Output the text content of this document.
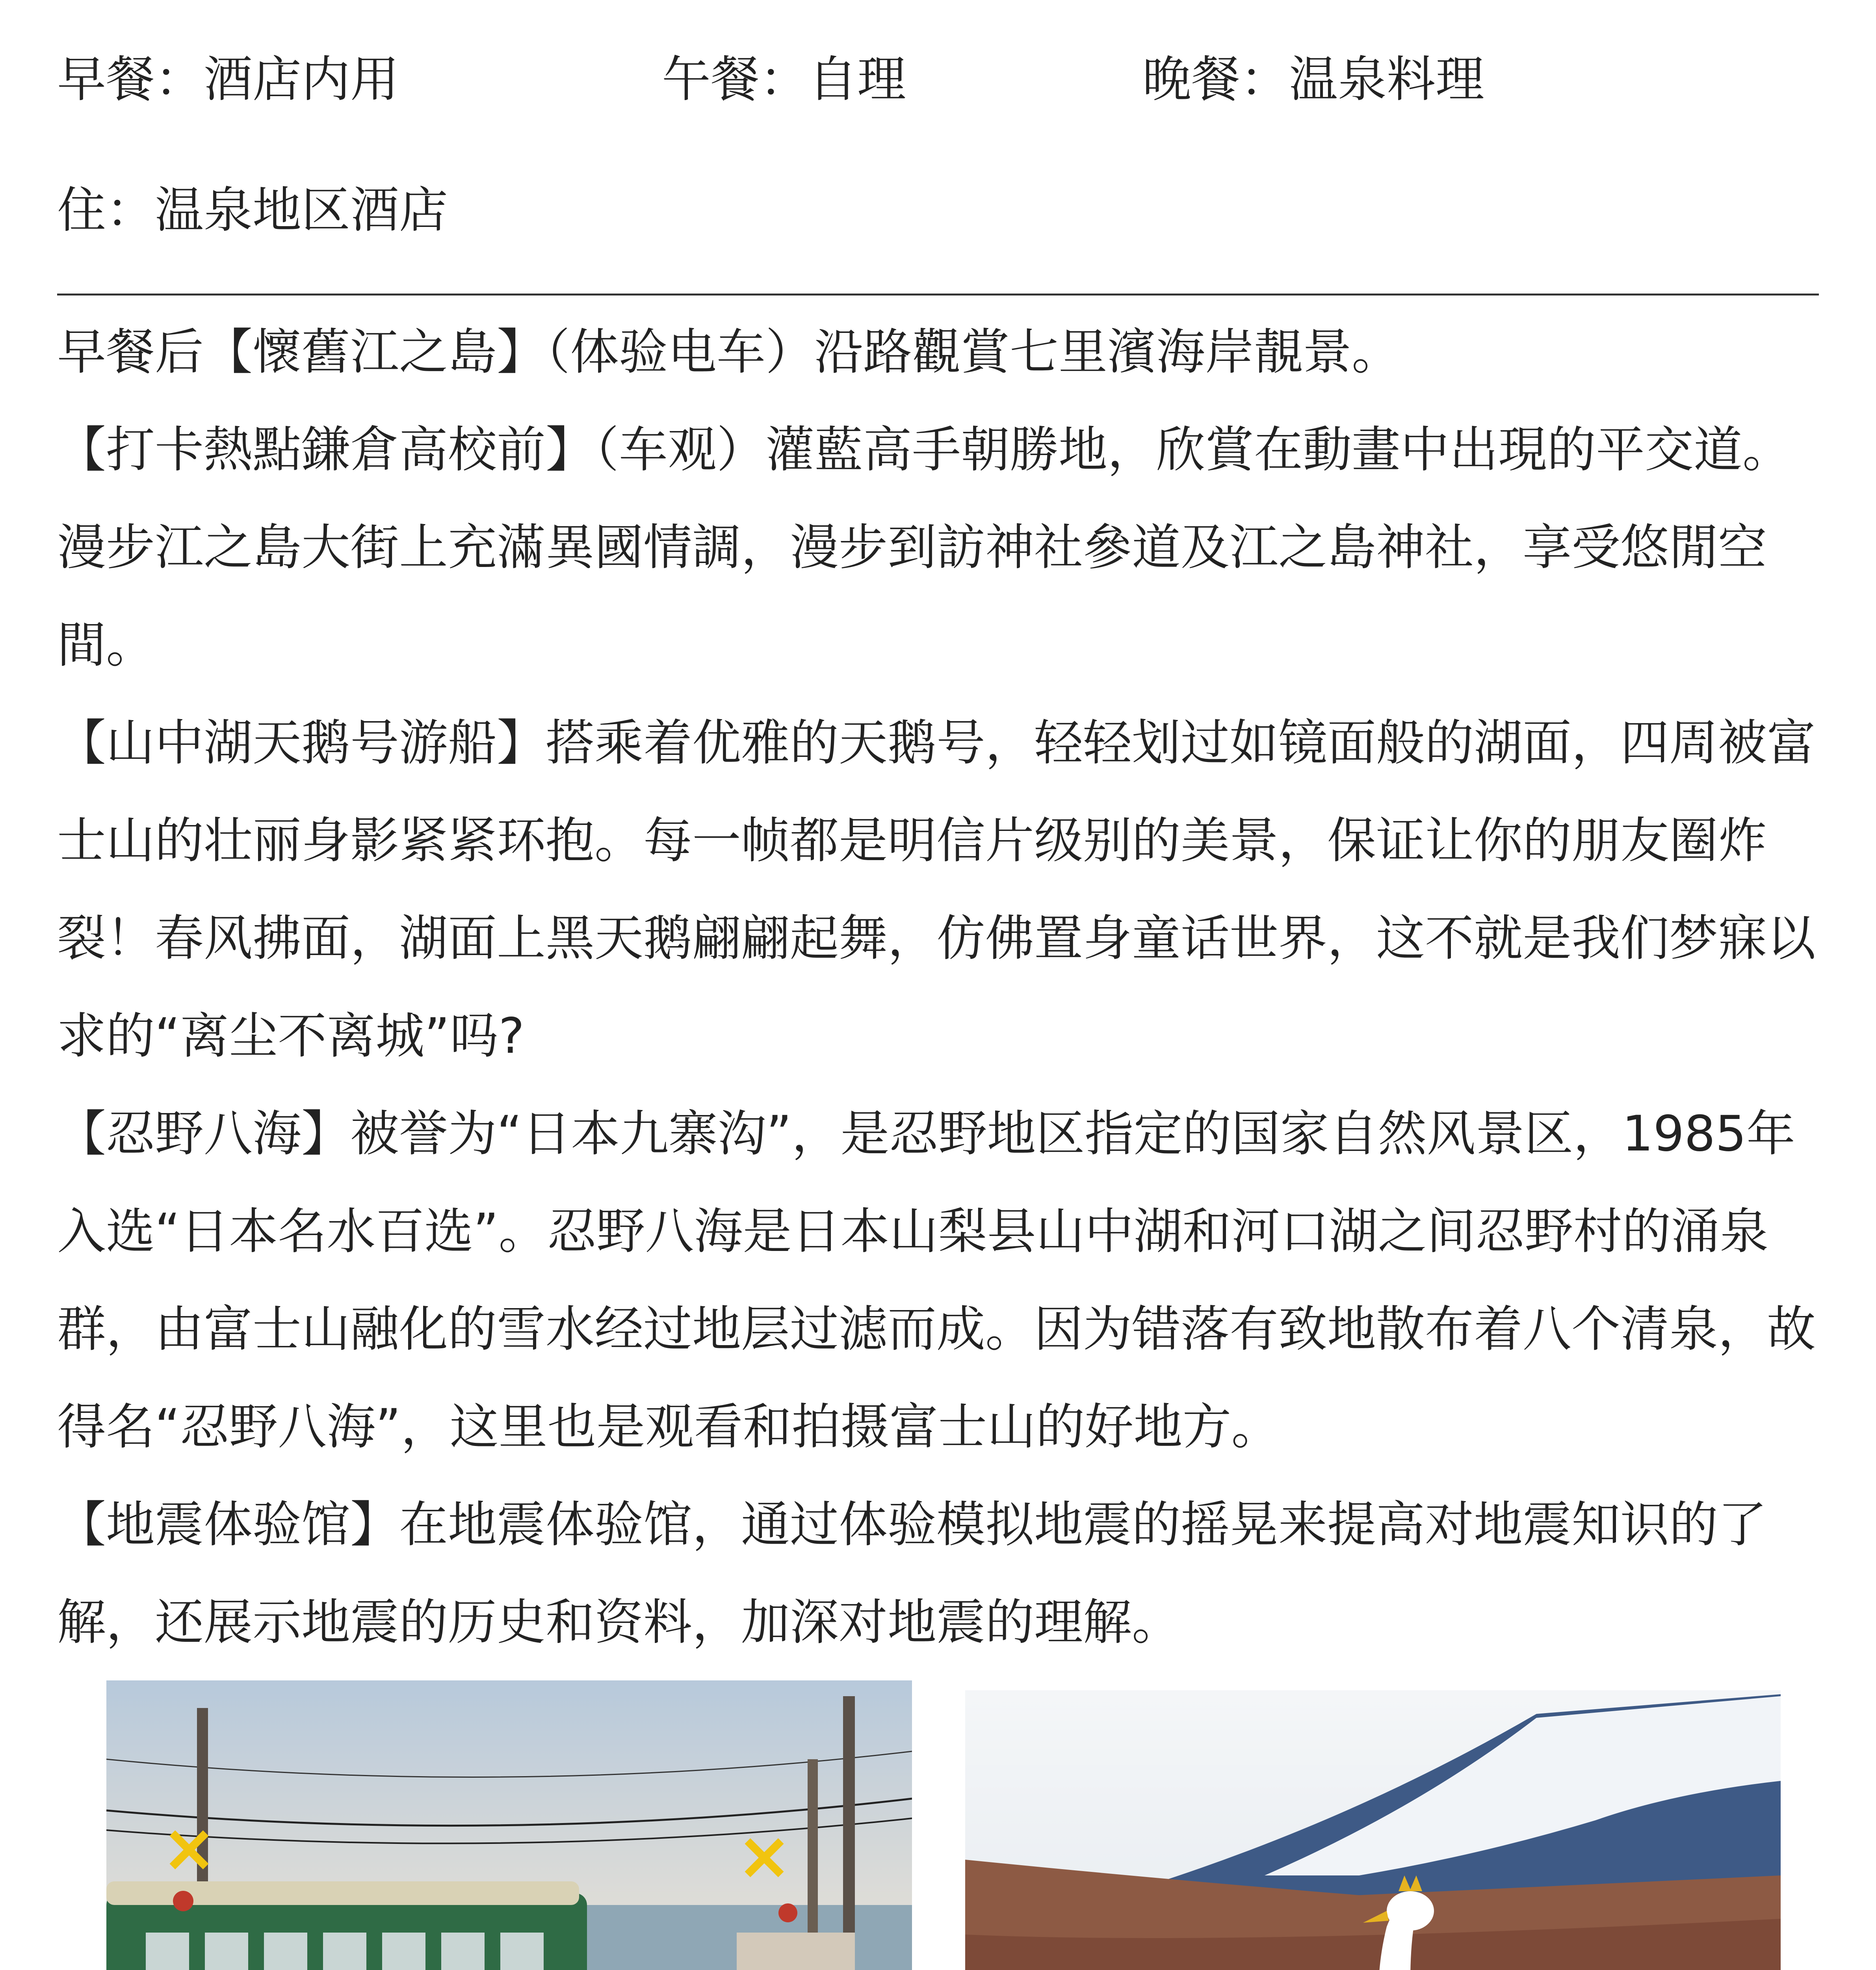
早餐：酒店内用	午餐：自理	晚餐：温泉料理
住：温泉地区酒店

早餐后【懷舊江之島】（体验电车）沿路觀賞七里濱海岸靚景。

【打卡熱點鎌倉高校前】（车观）灌藍高手朝勝地，欣賞在動畫中出現的平交道。漫步江之島大街上充滿異國情調，漫步到訪神社參道及江之島神社，享受悠閒空間。

【山中湖天鹅号游船】搭乘着优雅的天鹅号，轻轻划过如镜面般的湖面，四周被富士山的壮丽身影紧紧环抱。每一帧都是明信片级别的美景，保证让你的朋友圈炸裂！春风拂面，湖面上黑天鹅翩翩起舞，仿佛置身童话世界，这不就是我们梦寐以求的“离尘不离城”吗?

【忍野八海】被誉为“日本九寨沟”，是忍野地区指定的国家自然风景区，1985年入选“日本名水百选”。忍野八海是日本山梨县山中湖和河口湖之间忍野村的涌泉群，由富士山融化的雪水经过地层过滤而成。因为错落有致地散布着八个清泉，故得名“忍野八海”，这里也是观看和拍摄富士山的好地方。

【地震体验馆】在地震体验馆，通过体验模拟地震的摇晃来提高对地震知识的了解，还展示地震的历史和资料，加深对地震的理解。
